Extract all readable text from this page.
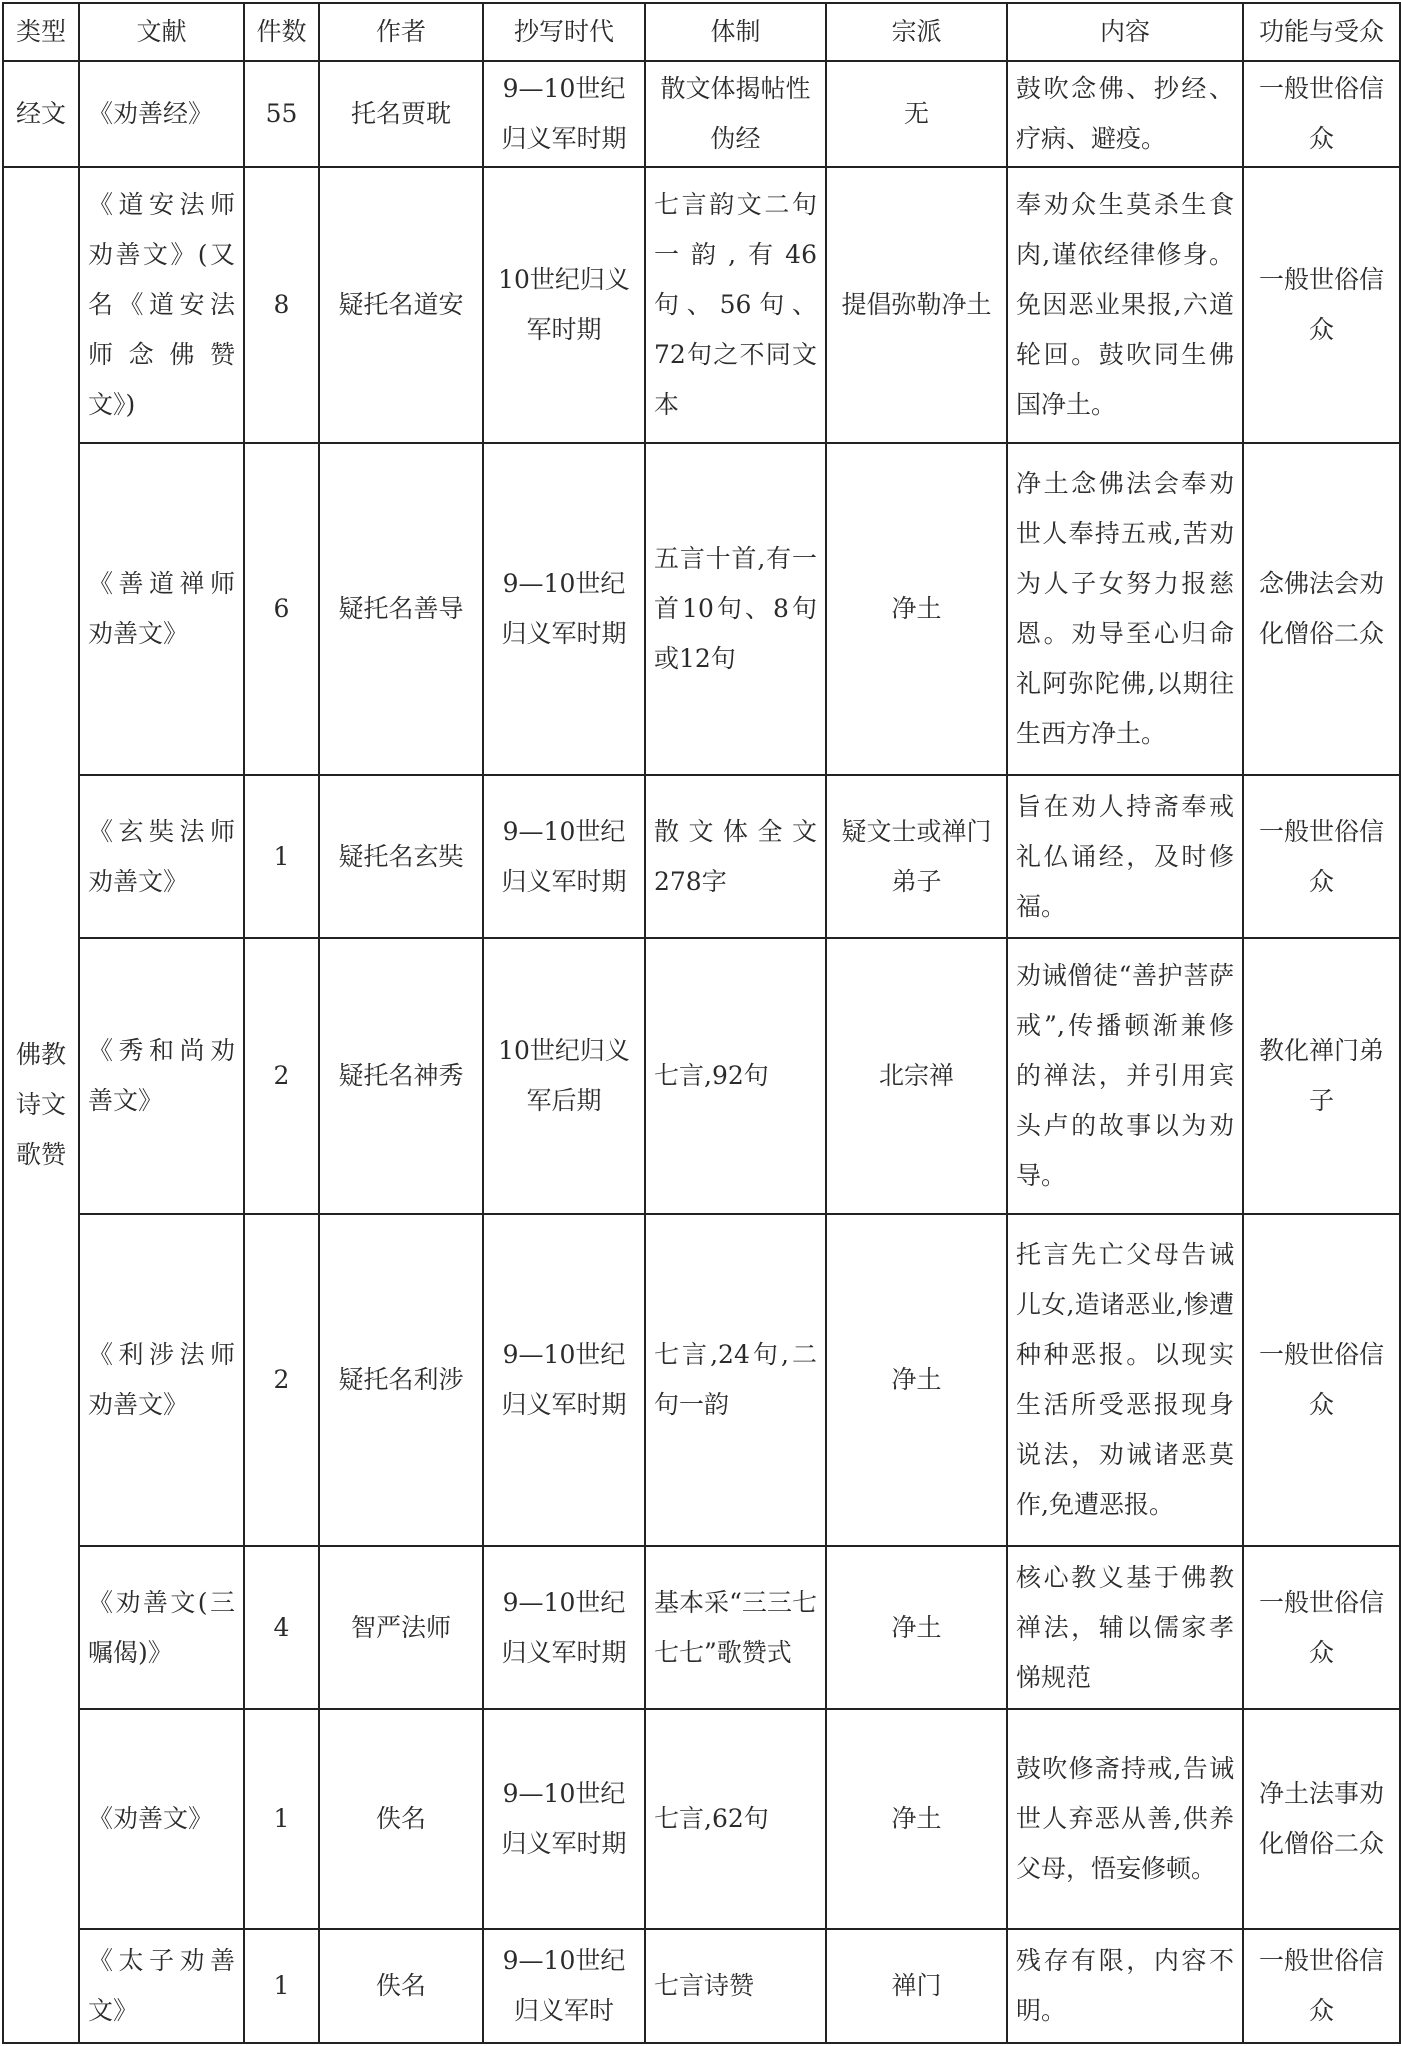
类型	文献	件数	作者	抄写时代	体制	宗派	内容	功能与受众
经文	《劝善经》	55	托名贾耽	9—10世纪归义军时期	散文体揭帖性伪经	无	鼓吹念佛、抄经、疗病、避疫。	一般世俗信众
佛教诗文歌赞	《道安法师劝善文》(又名《道安法师念佛赞文》)	8	疑托名道安	10世纪归义军时期	七言韵文二句一韵,有46句、56句、72句之不同文本	提倡弥勒净土	奉劝众生莫杀生食肉,谨依经律修身。免因恶业果报,六道轮回。鼓吹同生佛国净土。	一般世俗信众
	《善道禅师劝善文》	6	疑托名善导	9—10世纪归义军时期	五言十首,有一首10句、8句或12句	净土	净土念佛法会奉劝世人奉持五戒,苦劝为人子女努力报慈恩。劝导至心归命礼阿弥陀佛,以期往生西方净土。	念佛法会劝化僧俗二众
	《玄奘法师劝善文》	1	疑托名玄奘	9—10世纪归义军时期	散文体全文278字	疑文士或禅门弟子	旨在劝人持斋奉戒礼仏诵经，及时修福。	一般世俗信众
	《秀和尚劝善文》	2	疑托名神秀	10世纪归义军后期	七言,92句	北宗禅	劝诫僧徒“善护菩萨戒”,传播顿渐兼修的禅法，并引用宾头卢的故事以为劝导。	教化禅门弟子
	《利涉法师劝善文》	2	疑托名利涉	9—10世纪归义军时期	七言,24句,二句一韵	净土	托言先亡父母告诫儿女,造诸恶业,惨遭种种恶报。以现实生活所受恶报现身说法，劝诫诸恶莫作,免遭恶报。	一般世俗信众
	《劝善文(三嘱偈)》	4	智严法师	9—10世纪归义军时期	基本采“三三七七七”歌赞式	净土	核心教义基于佛教禅法，辅以儒家孝悌规范	一般世俗信众
	《劝善文》	1	佚名	9—10世纪归义军时期	七言,62句	净土	鼓吹修斋持戒,告诫世人弃恶从善,供养父母，悟妄修顿。	净土法事劝化僧俗二众
	《太子劝善文》	1	佚名	9—10世纪归义军时	七言诗赞	禅门	残存有限，内容不明。	一般世俗信众
